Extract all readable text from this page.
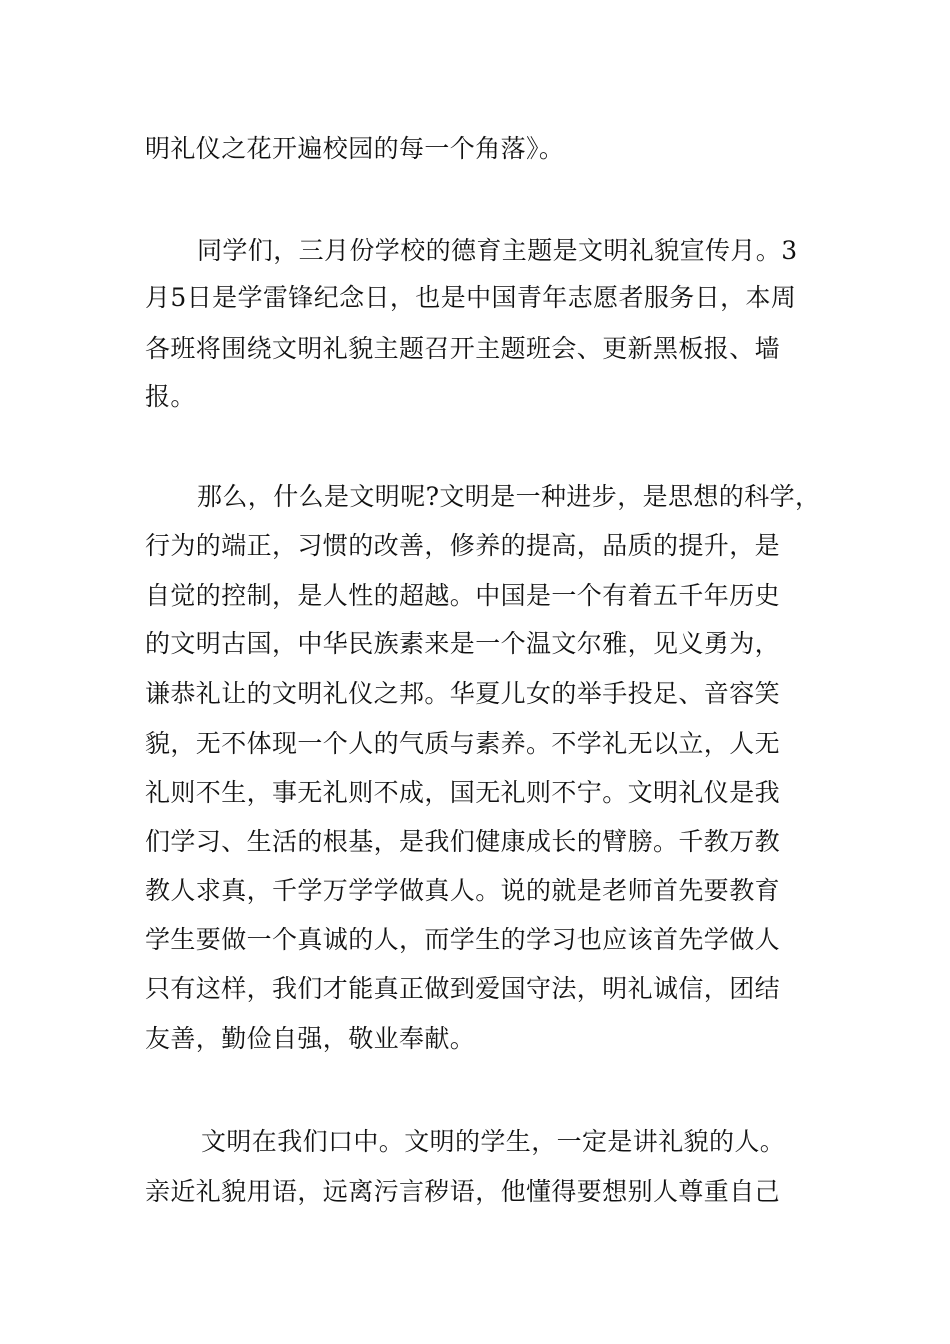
明礼仪之花开遍校园的每一个角落》。
同学们，三月份学校的德育主题是文明礼貌宣传月。3
月5日是学雷锋纪念日，也是中国青年志愿者服务日，本周
各班将围绕文明礼貌主题召开主题班会、更新黑板报、墙
报。
那么，什么是文明呢?文明是一种进步，是思想的科学，
行为的端正，习惯的改善，修养的提高，品质的提升，是
自觉的控制，是人性的超越。中国是一个有着五千年历史
的文明古国，中华民族素来是一个温文尔雅，见义勇为，
谦恭礼让的文明礼仪之邦。华夏儿女的举手投足、音容笑
貌，无不体现一个人的气质与素养。不学礼无以立，人无
礼则不生，事无礼则不成，国无礼则不宁。文明礼仪是我
们学习、生活的根基，是我们健康成长的臂膀。千教万教
教人求真，千学万学学做真人。说的就是老师首先要教育
学生要做一个真诚的人，而学生的学习也应该首先学做人
只有这样，我们才能真正做到爱国守法，明礼诚信，团结
友善，勤俭自强，敬业奉献。
文明在我们口中。文明的学生，一定是讲礼貌的人。
亲近礼貌用语，远离污言秽语，他懂得要想别人尊重自己
